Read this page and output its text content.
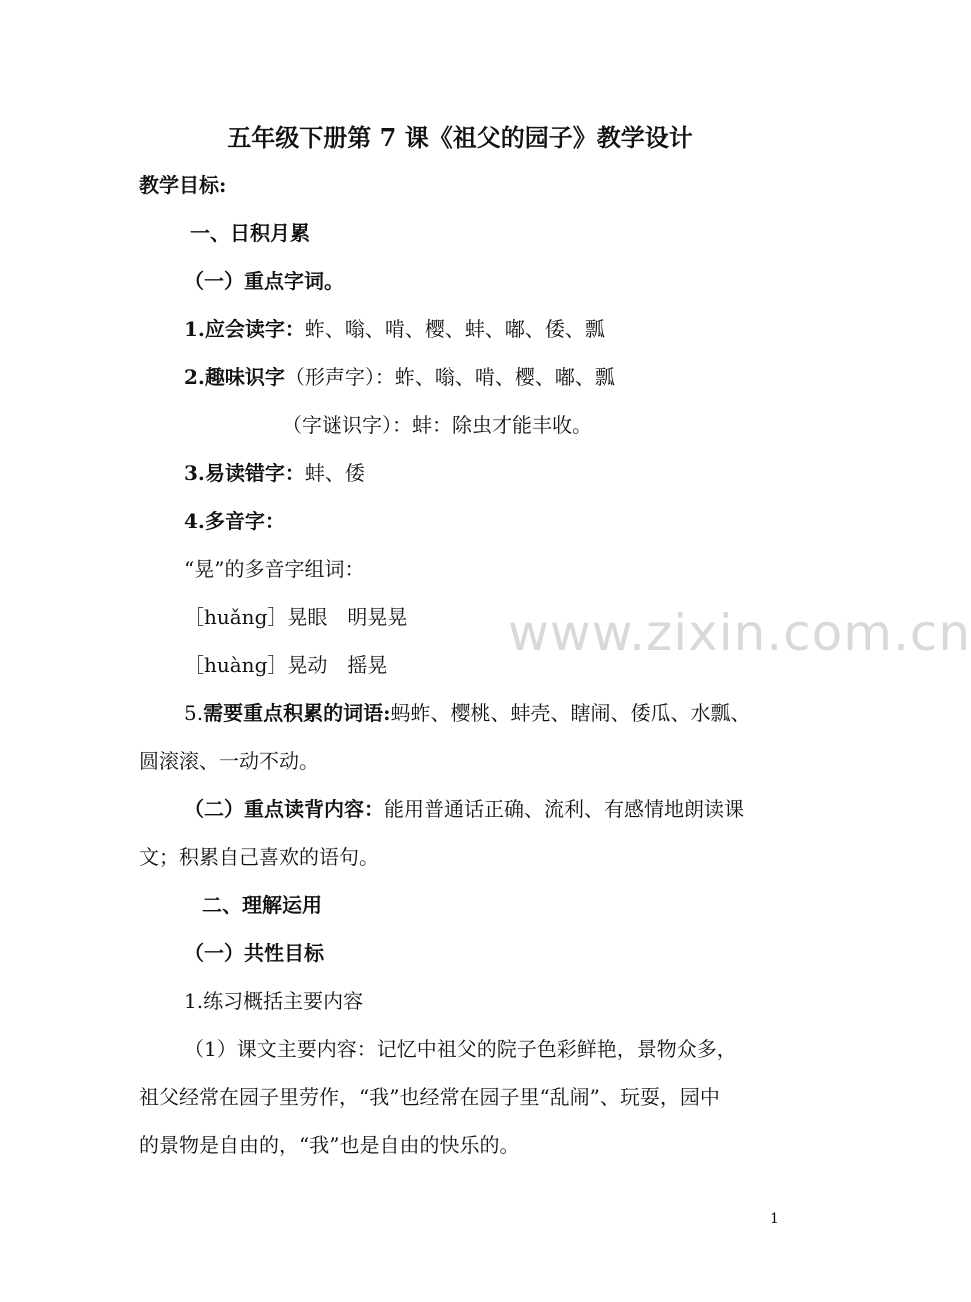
五年级下册第 7 课《祖父的园子》教学设计
教学目标:
一、日积月累
（一）重点字词。
1.应会读字：蚱、嗡、啃、樱、蚌、嘟、倭、瓢
2.趣味识字（形声字）：蚱、嗡、啃、樱、嘟、瓢
（字谜识字）：蚌：除虫才能丰收。
3.易读错字：蚌、倭
4.多音字：
“晃”的多音字组词：
［huǎng］晃眼　明晃晃
［huàng］晃动　摇晃
5.需要重点积累的词语:蚂蚱、樱桃、蚌壳、瞎闹、倭瓜、水瓢、
圆滚滚、一动不动。
（二）重点读背内容：能用普通话正确、流利、有感情地朗读课
文；积累自己喜欢的语句。
二、理解运用
（一）共性目标
1.练习概括主要内容
（1）课文主要内容：记忆中祖父的院子色彩鲜艳，景物众多，
祖父经常在园子里劳作，“我”也经常在园子里“乱闹”、玩耍，园中
的景物是自由的，“我”也是自由的快乐的。
www.zixin.com.cn
1
